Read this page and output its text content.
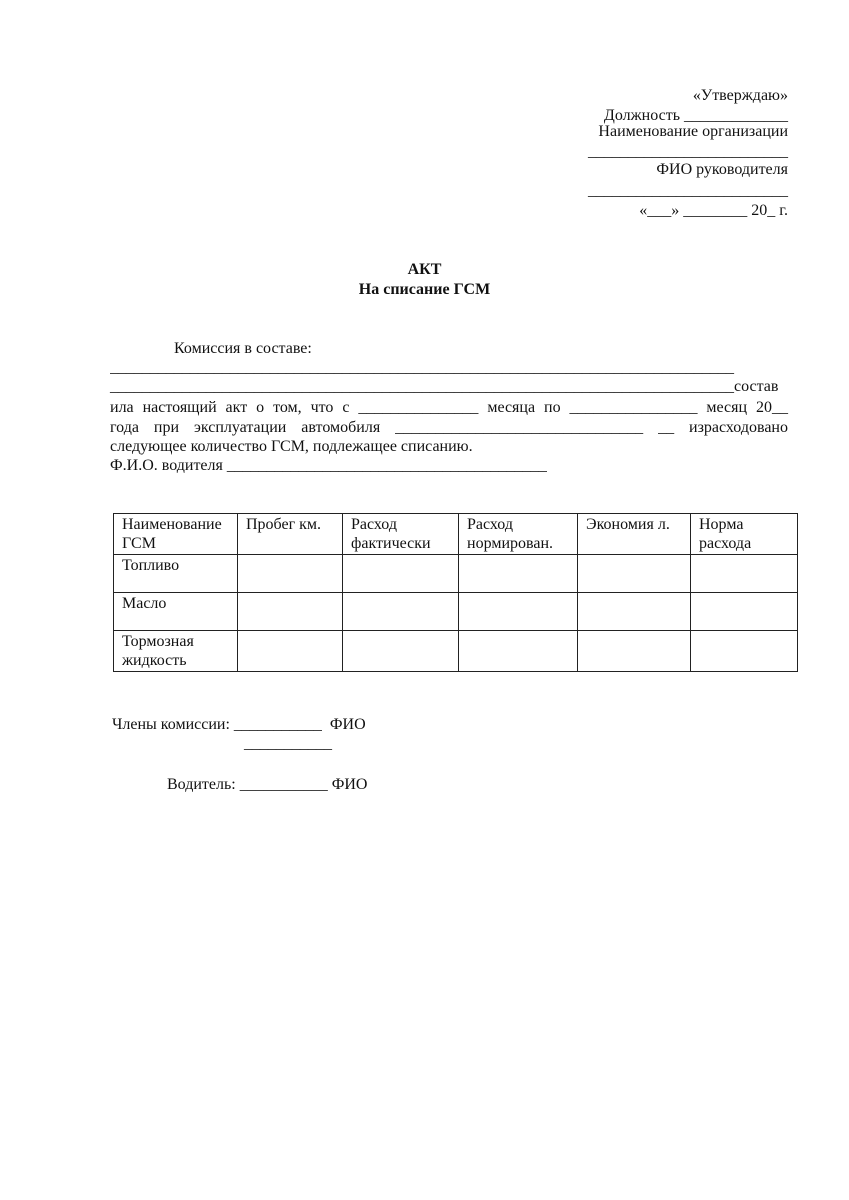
«Утверждаю»
Должность _____________
Наименование организации
_________________________
ФИО руководителя
_________________________
«___» ________ 20_ г.
АКТ
На списание ГСМ
Комиссия в составе:
______________________________________________________________________________
______________________________________________________________________________состав
ила настоящий акт о том, что с _______________ месяца по ________________ месяц 20__
года при эксплуатации автомобиля _______________________________ __ израсходовано
следующее количество ГСМ, подлежащее списанию.
Ф.И.О. водителя ________________________________________
Наименование ГСМ	Пробег км.	Расход фактически	Расход нормирован.	Экономия л.	Норма расхода
Топливо					
Масло					
Тормозная жидкость					
Члены комиссии: ___________  ФИО
___________
Водитель: ___________ ФИО
